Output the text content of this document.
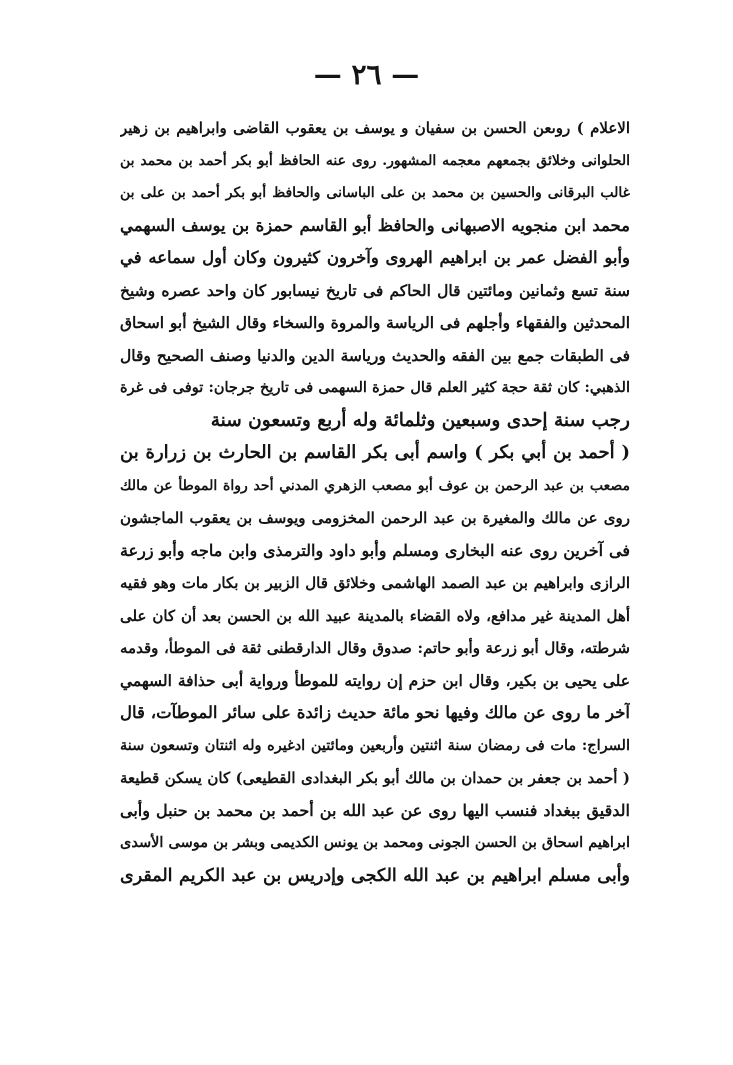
— ٢٦ —
الاعلام ) روىعن الحسن بن سفيان و يوسف بن يعقوب القاضى وابراهيم بن زهير
الحلوانى وخلائق بجمعهم معجمه المشهور. روى عنه الحافظ أبو بكر أحمد بن محمد بن
غالب البرقانى والحسين بن محمد بن على الباسانى والحافظ أبو بكر أحمد بن على بن
محمد ابن منجويه الاصبهانى والحافظ أبو القاسم حمزة بن يوسف السهمي
وأبو الفضل عمر بن ابراهيم الهروى وآخرون كثيرون وكان أول سماعه في
سنة تسع وثمانين ومائتين قال الحاكم فى تاريخ نيسابور كان واحد عصره وشيخ
المحدثين والفقهاء وأجلهم فى الرياسة والمروة والسخاء وقال الشيخ أبو اسحاق
فى الطبقات جمع بين الفقه والحديث ورياسة الدين والدنيا وصنف الصحيح وقال
الذهبي: كان ثقة حجة كثير العلم قال حمزة السهمى فى تاريخ جرجان: توفى فى غرة
رجب سنة إحدى وسبعين وثلمائة وله أربع وتسعون سنة
( أحمد بن أبي بكر ) واسم أبى بكر القاسم بن الحارث بن زرارة بن
مصعب بن عبد الرحمن بن عوف أبو مصعب الزهري المدني أحد رواة الموطأ عن مالك
روى عن مالك والمغيرة بن عبد الرحمن المخزومى ويوسف بن يعقوب الماجشون
فى آخرين روى عنه البخارى ومسلم وأبو داود والترمذى وابن ماجه وأبو زرعة
الرازى وابراهيم بن عبد الصمد الهاشمى وخلائق قال الزبير بن بكار مات وهو فقيه
أهل المدينة غير مدافع، ولاه القضاء بالمدينة عبيد الله بن الحسن بعد أن كان على
شرطته، وقال أبو زرعة وأبو حاتم: صدوق وقال الدارقطنى ثقة فى الموطأ، وقدمه
على يحيى بن بكير، وقال ابن حزم إن روايته للموطأ ورواية أبى حذافة السهمي
آخر ما روى عن مالك وفيها نحو مائة حديث زائدة على سائر الموطآت، قال
السراج: مات فى رمضان سنة اثنتين وأربعين ومائتين ادغيره وله اثنتان وتسعون سنة
( أحمد بن جعفر بن حمدان بن مالك أبو بكر البغدادى القطيعى) كان يسكن قطيعة
الدقيق ببغداد فنسب اليها روى عن عبد الله بن أحمد بن محمد بن حنبل وأبى
ابراهيم اسحاق بن الحسن الجونى ومحمد بن يونس الكديمى وبشر بن موسى الأسدى
وأبى مسلم ابراهيم بن عبد الله الكجى وإدريس بن عبد الكريم المقرى
